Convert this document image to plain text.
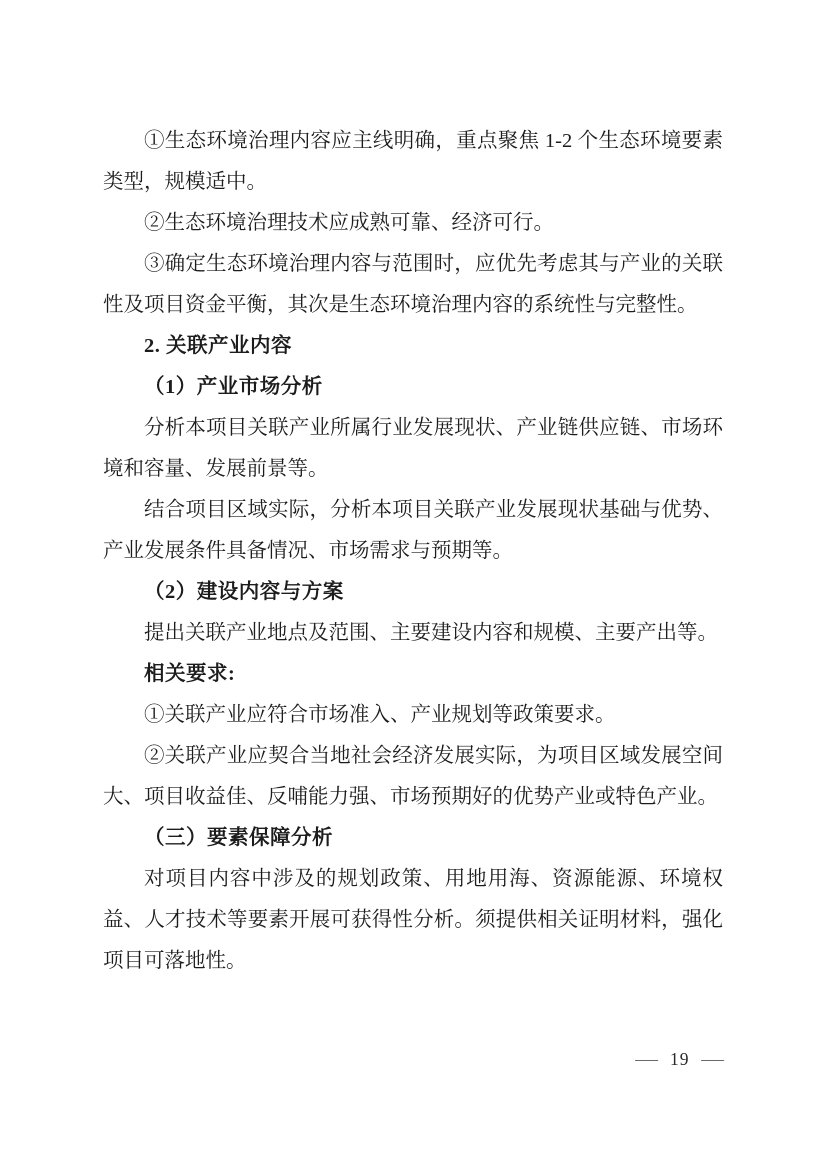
①生态环境治理内容应主线明确，重点聚焦 1-2 个生态环境要素类型，规模适中。

②生态环境治理技术应成熟可靠、经济可行。

③确定生态环境治理内容与范围时，应优先考虑其与产业的关联性及项目资金平衡，其次是生态环境治理内容的系统性与完整性。

2. 关联产业内容

（1）产业市场分析

分析本项目关联产业所属行业发展现状、产业链供应链、市场环境和容量、发展前景等。

结合项目区域实际，分析本项目关联产业发展现状基础与优势、产业发展条件具备情况、市场需求与预期等。

（2）建设内容与方案

提出关联产业地点及范围、主要建设内容和规模、主要产出等。

相关要求:

①关联产业应符合市场准入、产业规划等政策要求。

②关联产业应契合当地社会经济发展实际，为项目区域发展空间大、项目收益佳、反哺能力强、市场预期好的优势产业或特色产业。

（三）要素保障分析

对项目内容中涉及的规划政策、用地用海、资源能源、环境权益、人才技术等要素开展可获得性分析。须提供相关证明材料，强化项目可落地性。

— 19 —
